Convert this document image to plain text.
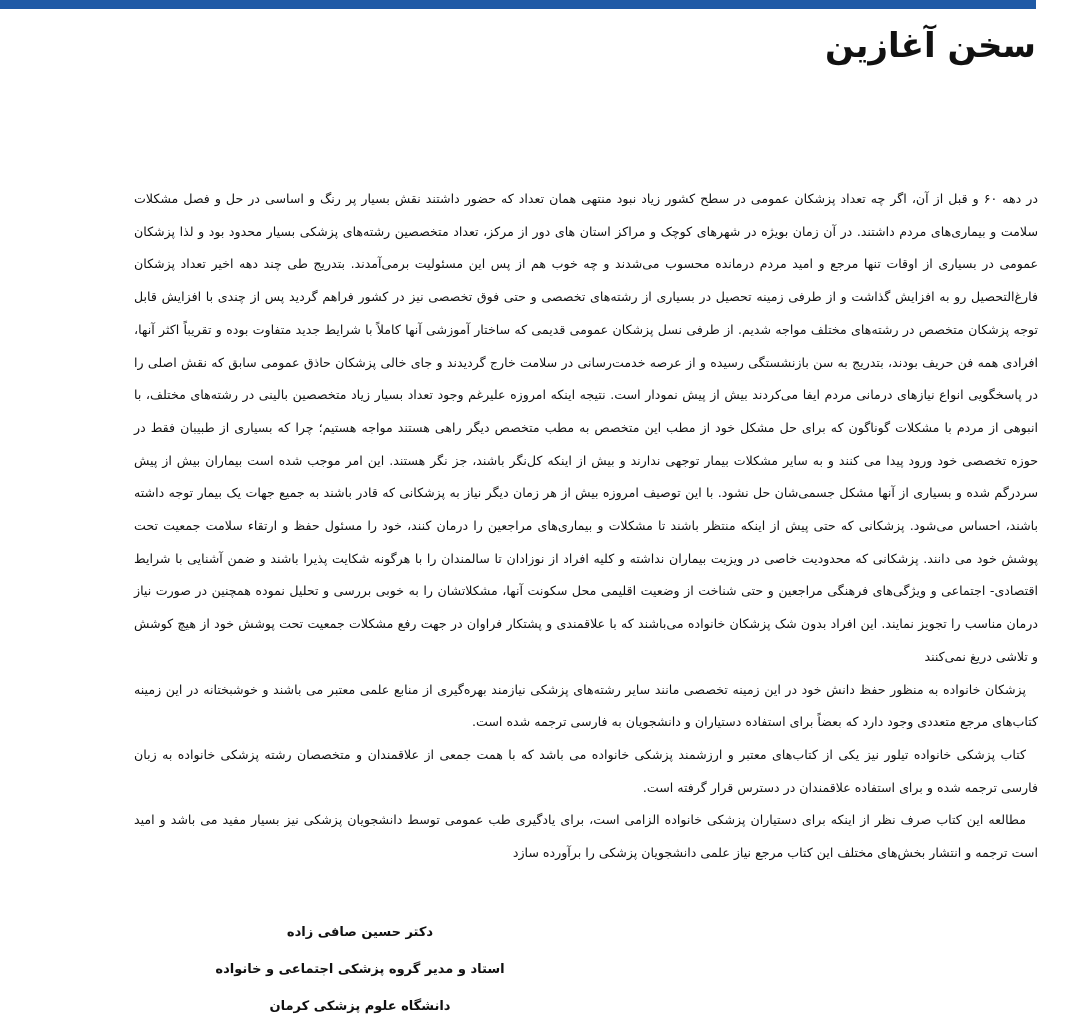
سخن آغازین

در دهه ۶۰ و قبل از آن، اگر چه تعداد پزشکان عمومی در سطح کشور زیاد نبود منتهی همان تعداد که حضور داشتند نقش بسیار پر رنگ و اساسی در حل و فصل مشکلات سلامت و بیماری‌های مردم داشتند. در آن زمان بویژه در شهرهای کوچک و مراکز استان های دور از مرکز، تعداد متخصصین رشته‌های پزشکی بسیار محدود بود و لذا پزشکان عمومی در بسیاری از اوقات تنها مرجع و امید مردم درمانده محسوب می‌شدند و چه خوب هم از پس این مسئولیت برمی‌آمدند. بتدریج طی چند دهه اخیر تعداد پزشکان فارغ‌التحصیل رو به افزایش گذاشت و از طرفی زمینه تحصیل در بسیاری از رشته‌های تخصصی و حتی فوق تخصصی نیز در کشور فراهم گردید پس از چندی با افزایش قابل توجه پزشکان متخصص در رشته‌های مختلف مواجه شدیم. از طرفی نسل پزشکان عمومی قدیمی که ساختار آموزشی آنها کاملاً با شرایط جدید متفاوت بوده و تقریباً اکثر آنها، افرادی همه فن حریف بودند، بتدریج به سن بازنشستگی رسیده و از عرصه خدمت‌رسانی در سلامت خارج گردیدند و جای خالی پزشکان حاذق عمومی سابق که نقش اصلی را در پاسخگویی انواع نیازهای درمانی مردم ایفا می‌کردند بیش از پیش نمودار است. نتیجه اینکه امروزه علیرغم وجود تعداد بسیار زیاد متخصصین بالینی در رشته‌های مختلف، با انبوهی از مردم با مشکلات گوناگون که برای حل مشکل خود از مطب این متخصص به مطب متخصص دیگر راهی هستند مواجه هستیم؛ چرا که بسیاری از طبیبان فقط در حوزه تخصصی خود ورود پیدا می کنند و به سایر مشکلات بیمار توجهی ندارند و بیش از اینکه کل‌نگر باشند، جز نگر هستند. این امر موجب شده است بیماران بیش از پیش سردرگم شده و بسیاری از آنها مشکل جسمی‌شان حل نشود. با این توصیف امروزه بیش از هر زمان دیگر نیاز به پزشکانی که قادر باشند به جمیع جهات یک بیمار توجه داشته باشند، احساس می‌شود. پزشکانی که حتی پیش از اینکه منتظر باشند تا مشکلات و بیماری‌های مراجعین را درمان کنند، خود را مسئول حفظ و ارتقاء سلامت جمعیت تحت پوشش خود می دانند. پزشکانی که محدودیت خاصی در ویزیت بیماران نداشته و کلیه افراد از نوزادان تا سالمندان را با هرگونه شکایت پذیرا باشند و ضمن آشنایی با شرایط اقتصادی- اجتماعی و ویژگی‌های فرهنگی مراجعین و حتی شناخت از وضعیت اقلیمی محل سکونت آنها، مشکلاتشان را به خوبی بررسی و تحلیل نموده همچنین در صورت نیاز درمان مناسب را تجویز نمایند. این افراد بدون شک پزشکان خانواده می‌باشند که با علاقمندی و پشتکار فراوان در جهت رفع مشکلات جمعیت تحت پوشش خود از هیچ کوشش و تلاشی دریغ نمی‌کنند

پزشکان خانواده به منظور حفظ دانش خود در این زمینه تخصصی مانند سایر رشته‌های پزشکی نیازمند بهره‌گیری از منابع علمی معتبر می باشند و خوشبختانه در این زمینه کتاب‌های مرجع متعددی وجود دارد که بعضاً برای استفاده دستیاران و دانشجویان به فارسی ترجمه شده است.

کتاب پزشکی خانواده تیلور نیز یکی از کتاب‌های معتبر و ارزشمند پزشکی خانواده می باشد که با همت جمعی از علاقمندان و متخصصان رشته پزشکی خانواده به زبان فارسی ترجمه شده و برای استفاده علاقمندان در دسترس قرار گرفته است.

مطالعه این کتاب صرف نظر از اینکه برای دستیاران پزشکی خانواده الزامی است، برای یادگیری طب عمومی توسط دانشجویان پزشکی نیز بسیار مفید می باشد و امید است ترجمه و انتشار بخش‌های مختلف این کتاب مرجع نیاز علمی دانشجویان پزشکی را برآورده سازد

دکتر حسین صافی زاده

استاد و مدیر گروه پزشکی اجتماعی و خانواده

دانشگاه علوم پزشکی کرمان
